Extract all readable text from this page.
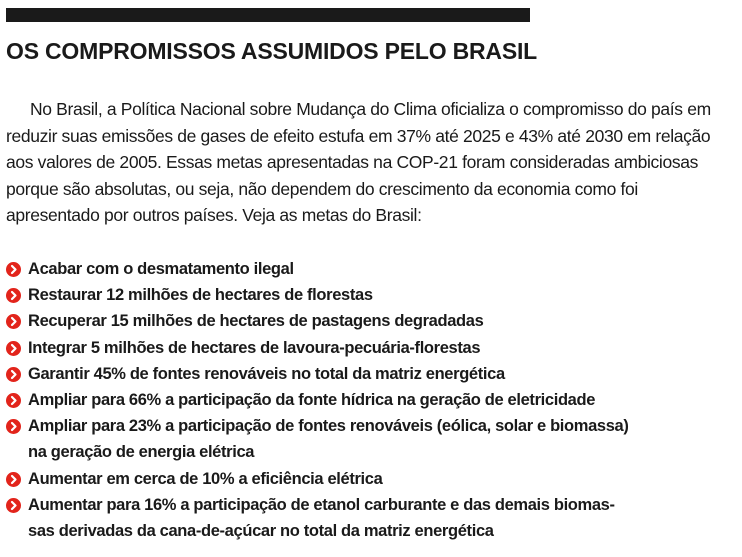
OS COMPROMISSOS ASSUMIDOS PELO BRASIL

No Brasil, a Política Nacional sobre Mudança do Clima oficializa o compromisso do país em reduzir suas emissões de gases de efeito estufa em 37% até 2025 e 43% até 2030 em relação aos valores de 2005. Essas metas apresentadas na COP-21 foram consideradas ambiciosas porque são absolutas, ou seja, não dependem do crescimento da economia como foi apresentado por outros países. Veja as metas do Brasil:

Acabar com o desmatamento ilegal
Restaurar 12 milhões de hectares de florestas
Recuperar 15 milhões de hectares de pastagens degradadas
Integrar 5 milhões de hectares de lavoura-pecuária-florestas
Garantir 45% de fontes renováveis no total da matriz energética
Ampliar para 66% a participação da fonte hídrica na geração de eletricidade
Ampliar para 23% a participação de fontes renováveis (eólica, solar e biomassa)
na geração de energia elétrica
Aumentar em cerca de 10% a eficiência elétrica
Aumentar para 16% a participação de etanol carburante e das demais biomas-
sas derivadas da cana-de-açúcar no total da matriz energética
